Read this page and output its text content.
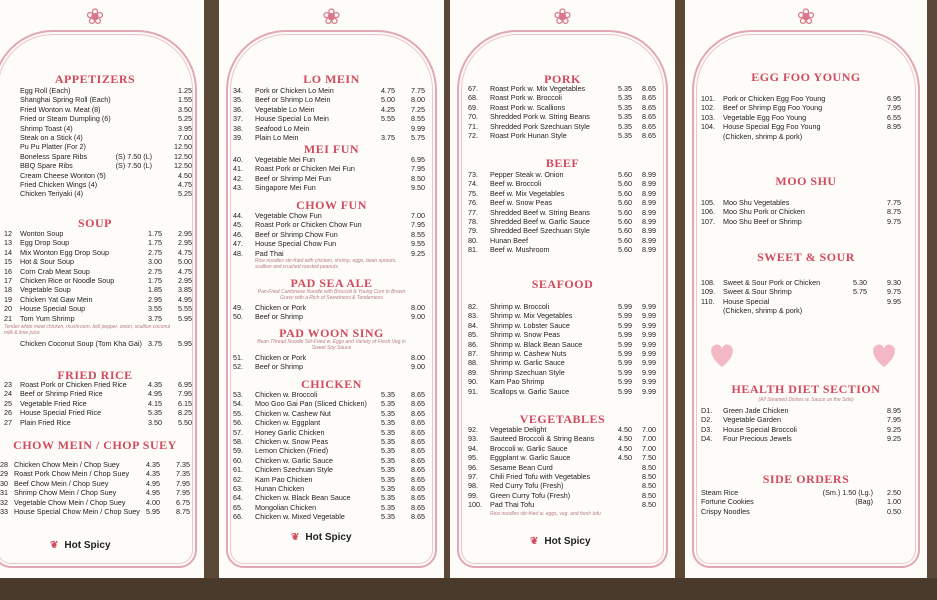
❀
APPETIZERS
Egg Roll (Each)	1.25
Shanghai Spring Roll (Each)	1.55
Fried Wonton w. Meat (8)	3.50
Fried or Steam Dumpling (6)	5.25
Shrimp Toast (4)	3.95
Steak on a Stick (4)	7.00
Pu Pu Platter (For 2)	12.50
Boneless Spare Ribs	(S) 7.50 (L)	12.50
BBQ Spare Ribs	(S) 7.50 (L)	12.50
Cream Cheese Wonton (5)	4.50
Fried Chicken Wings (4)	4.75
Chicken Teriyaki (4)	5.25
SOUP
12 Wonton Soup	1.75 2.95
13 Egg Drop Soup	1.75 2.95
14 Mix Wonton Egg Drop Soup	2.75 4.75
15 Hot & Sour Soup	3.00 5.00
16 Corn Crab Meat Soup	2.75 4.75
17 Chicken Rice or Noodle Soup	1.75 2.95
18 Vegetable Soup	1.85 3.85
19 Chicken Yat Gaw Mein	2.95 4.95
20 House Special Soup	3.55 5.55
21 Tom Yum Shrimp	3.75 5.95
Tender white meat chicken, mushroom, bell pepper, onion, scallion coconut milk & lime juice
Chicken Coconut Soup (Tom Kha Gai) 3.75 5.95
FRIED RICE
23 Roast Pork or Chicken Fried Rice	4.35 6.95
24 Beef or Shrimp Fried Rice	4.95 7.95
25 Vegetable Fried Rice	4.15 6.15
26 House Special Fried Rice	5.35 8.25
27 Plain Fried Rice	3.50 5.50
CHOW MEIN / CHOP SUEY
28 Chicken Chow Mein / Chop Suey	4.35 7.35
29 Roast Pork Chow Mein / Chop Suey 4.35 7.35
30 Beef Chow Mein / Chop Suey	4.95 7.95
31 Shrimp Chow Mein / Chop Suey	4.95 7.95
32 Vegetable Chow Mein / Chop Suey	4.00 6.75
33 House Special Chow Mein / Chop Suey 5.95 8.75
❦ Hot Spicy
❀
LO MEIN
34. Pork or Chicken Lo Mein	4.75 7.75
35. Beef or Shrimp Lo Mein	5.00 8.00
36. Vegetable Lo Mein	4.25 7.25
37. House Special Lo Mein	5.55 8.55
38. Seafood Lo Mein	9.99
39. Plain Lo Mein	3.75 5.75
MEI FUN
40. Vegetable Mei Fun	6.95
41. Roast Pork or Chicken Mei Fun	7.95
42. Beef or Shrimp Mei Fun	8.50
43. Singapore Mei Fun	9.50
CHOW FUN
44. Vegetable Chow Fun	7.00
45. Roast Pork or Chicken Chow Fun	7.95
46. Beef or Shrimp Chow Fun	8.55
47. House Special Chow Fun	9.55
48. Pad Thai	9.25
Rice noodles stir-fried with chicken, shrimp, eggs, bean sprouts, scallion and crushed roasted peanuts
PAD SEA ALE
Pan-Fried Cantonese Noodle with Broccoli & Young Corn in Brown Gravy with a Rich of Sweetness & Tenderness
49. Chicken or Pork	8.00
50. Beef or Shrimp	9.00
PAD WOON SING
Bean Thread Noodle Stir-Fried w. Eggs and Variety of Fresh Veg in Sweet Soy Sauce
51. Chicken or Pork	8.00
52. Beef or Shrimp	9.00
CHICKEN
53. Chicken w. Broccoli	5.35 8.65
54. Moo Goo Gai Pan (Sliced Chicken) 5.35 8.65
55. Chicken w. Cashew Nut	5.35 8.65
56. Chicken w. Eggplant	5.35 8.65
57. Honey Garlic Chicken	5.35 8.65
58. Chicken w. Snow Peas	5.35 8.65
59. Lemon Chicken (Fried)	5.35 8.65
60. Chicken w. Garlic Sauce	5.35 8.65
61. Chicken Szechuan Style	5.35 8.65
62. Kam Pao Chicken	5.35 8.65
63. Hunan Chicken	5.35 8.65
64. Chicken w. Black Bean Sauce	5.35 8.65
65. Mongolian Chicken	5.35 8.65
66. Chicken w. Mixed Vegetable	5.35 8.65
❦ Hot Spicy
❀
PORK
67. Roast Pork w. Mix Vegetables	5.35 8.65
68. Roast Pork w. Broccoli	5.35 8.65
69. Roast Pork w. Scallions	5.35 8.65
70. Shredded Pork w. String Beans	5.35 8.65
71. Shredded Pork Szechuan Style	5.35 8.65
72. Roast Pork Hunan Style	5.35 8.65
BEEF
73. Pepper Steak w. Onion	5.60 8.99
74. Beef w. Broccoli	5.60 8.99
75. Beef w. Mix Vegetables	5.60 8.99
76. Beef w. Snow Peas	5.60 8.99
77. Shredded Beef w. String Beans	5.60 8.99
78. Shredded Beef w. Garlic Sauce	5.60 8.99
79. Shredded Beef Szechuan Style	5.60 8.99
80. Hunan Beef	5.60 8.99
81. Beef w. Mushroom	5.60 8.99
SEAFOOD
82. Shrimp w. Broccoli	5.99 9.99
83. Shrimp w. Mix Vegetables	5.99 9.99
84. Shrimp w. Lobster Sauce	5.99 9.99
85. Shrimp w. Snow Peas	5.99 9.99
86. Shrimp w. Black Bean Sauce	5.99 9.99
87. Shrimp w. Cashew Nuts	5.99 9.99
88. Shrimp w. Garlic Sauce	5.99 9.99
89. Shrimp Szechuan Style	5.99 9.99
90. Kam Pao Shrimp	5.99 9.99
91. Scallops w. Garlic Sauce	5.99 9.99
VEGETABLES
92. Vegetable Delight	4.50 7.00
93. Sauteed Broccoli & String Beans	4.50 7.00
94. Broccoli w. Garlic Sauce	4.50 7.00
95. Eggplant w. Garlic Sauce	4.50 7.50
96. Sesame Bean Curd	8.50
97. Chili Fried Tofu with Vegetables	8.50
98. Red Curry Tofu (Fresh)	8.50
99. Green Curry Tofu (Fresh)	8.50
100. Pad Thai Tofu	8.50
Rice noodles stir-fried w. eggs, veg. and fresh tofu
❦ Hot Spicy
❀
EGG FOO YOUNG
101. Pork or Chicken Egg Foo Young	6.95
102. Beef or Shrimp Egg Foo Young	7.95
103. Vegetable Egg Foo Young	6.55
104. House Special Egg Foo Young	8.95
(Chicken, shrimp & pork)
MOO SHU
105. Moo Shu Vegetables	7.75
106. Moo Shu Pork or Chicken	8.75
107. Moo Shu Beef or Shrimp	9.75
SWEET & SOUR
108. Sweet & Sour Pork or Chicken	5.30	9.30
109. Sweet & Sour Shrimp	5.75	9.75
110. House Special	9.95
(Chicken, shrimp & pork)
HEALTH DIET SECTION
(All Steamed Dishes w. Sauce on the Side)
D1. Green Jade Chicken	8.95
D2. Vegetable Garden	7.95
D3. House Special Broccoli	9.25
D4. Four Precious Jewels	9.25
SIDE ORDERS
Steam Rice	(Sm.) 1.50 (Lg.) 2.50
Fortune Cookies	(Bag) 1.00
Crispy Noodles	0.50
